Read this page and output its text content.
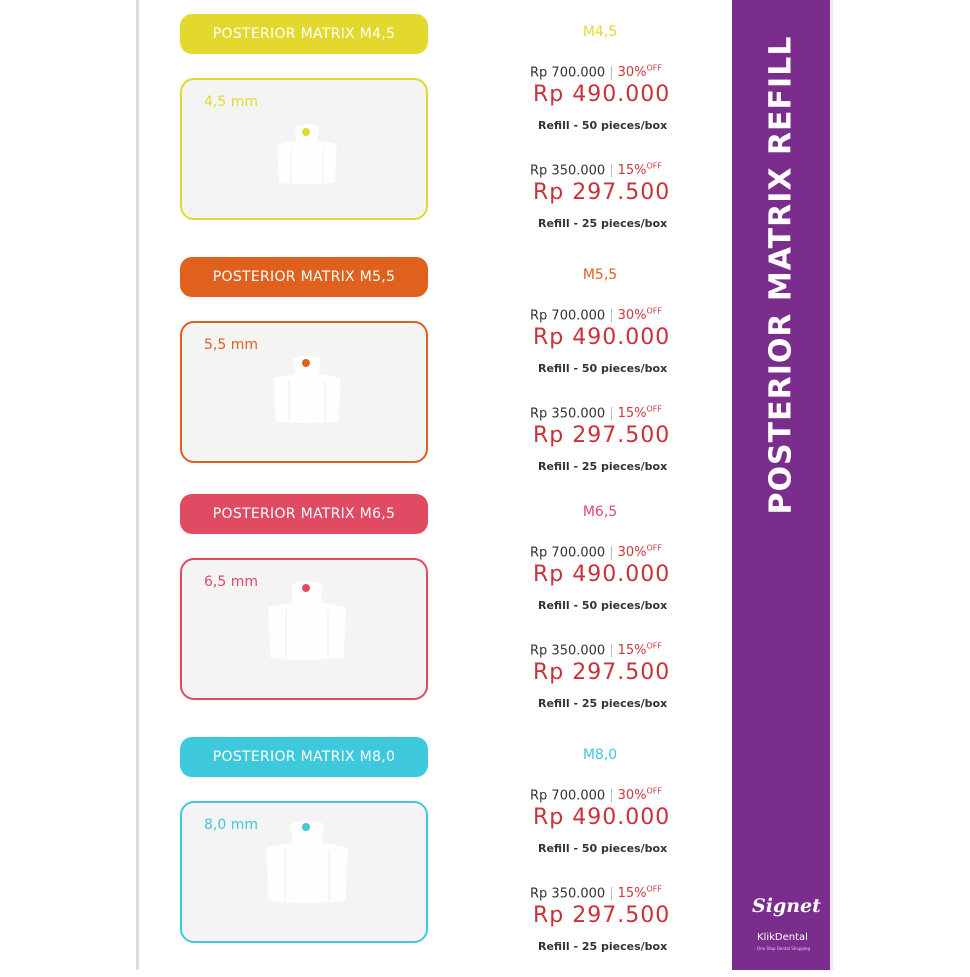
POSTERIOR MATRIX REFILL
Signet
KlikDental
One Stop Dental Shopping
POSTERIOR MATRIX M4,5
4,5 mm
M4,5
Rp 700.000 | 30%$^{OFF}$
Rp 490.000
Refill - 50 pieces/box
Rp 350.000 | 15%$^{OFF}$
Rp 297.500
Refill - 25 pieces/box
POSTERIOR MATRIX M5,5
5,5 mm
M5,5
Rp 700.000 | 30%$^{OFF}$
Rp 490.000
Refill - 50 pieces/box
Rp 350.000 | 15%$^{OFF}$
Rp 297.500
Refill - 25 pieces/box
POSTERIOR MATRIX M6,5
6,5 mm
M6,5
Rp 700.000 | 30%$^{OFF}$
Rp 490.000
Refill - 50 pieces/box
Rp 350.000 | 15%$^{OFF}$
Rp 297.500
Refill - 25 pieces/box
POSTERIOR MATRIX M8,0
8,0 mm
M8,0
Rp 700.000 | 30%$^{OFF}$
Rp 490.000
Refill - 50 pieces/box
Rp 350.000 | 15%$^{OFF}$
Rp 297.500
Refill - 25 pieces/box
